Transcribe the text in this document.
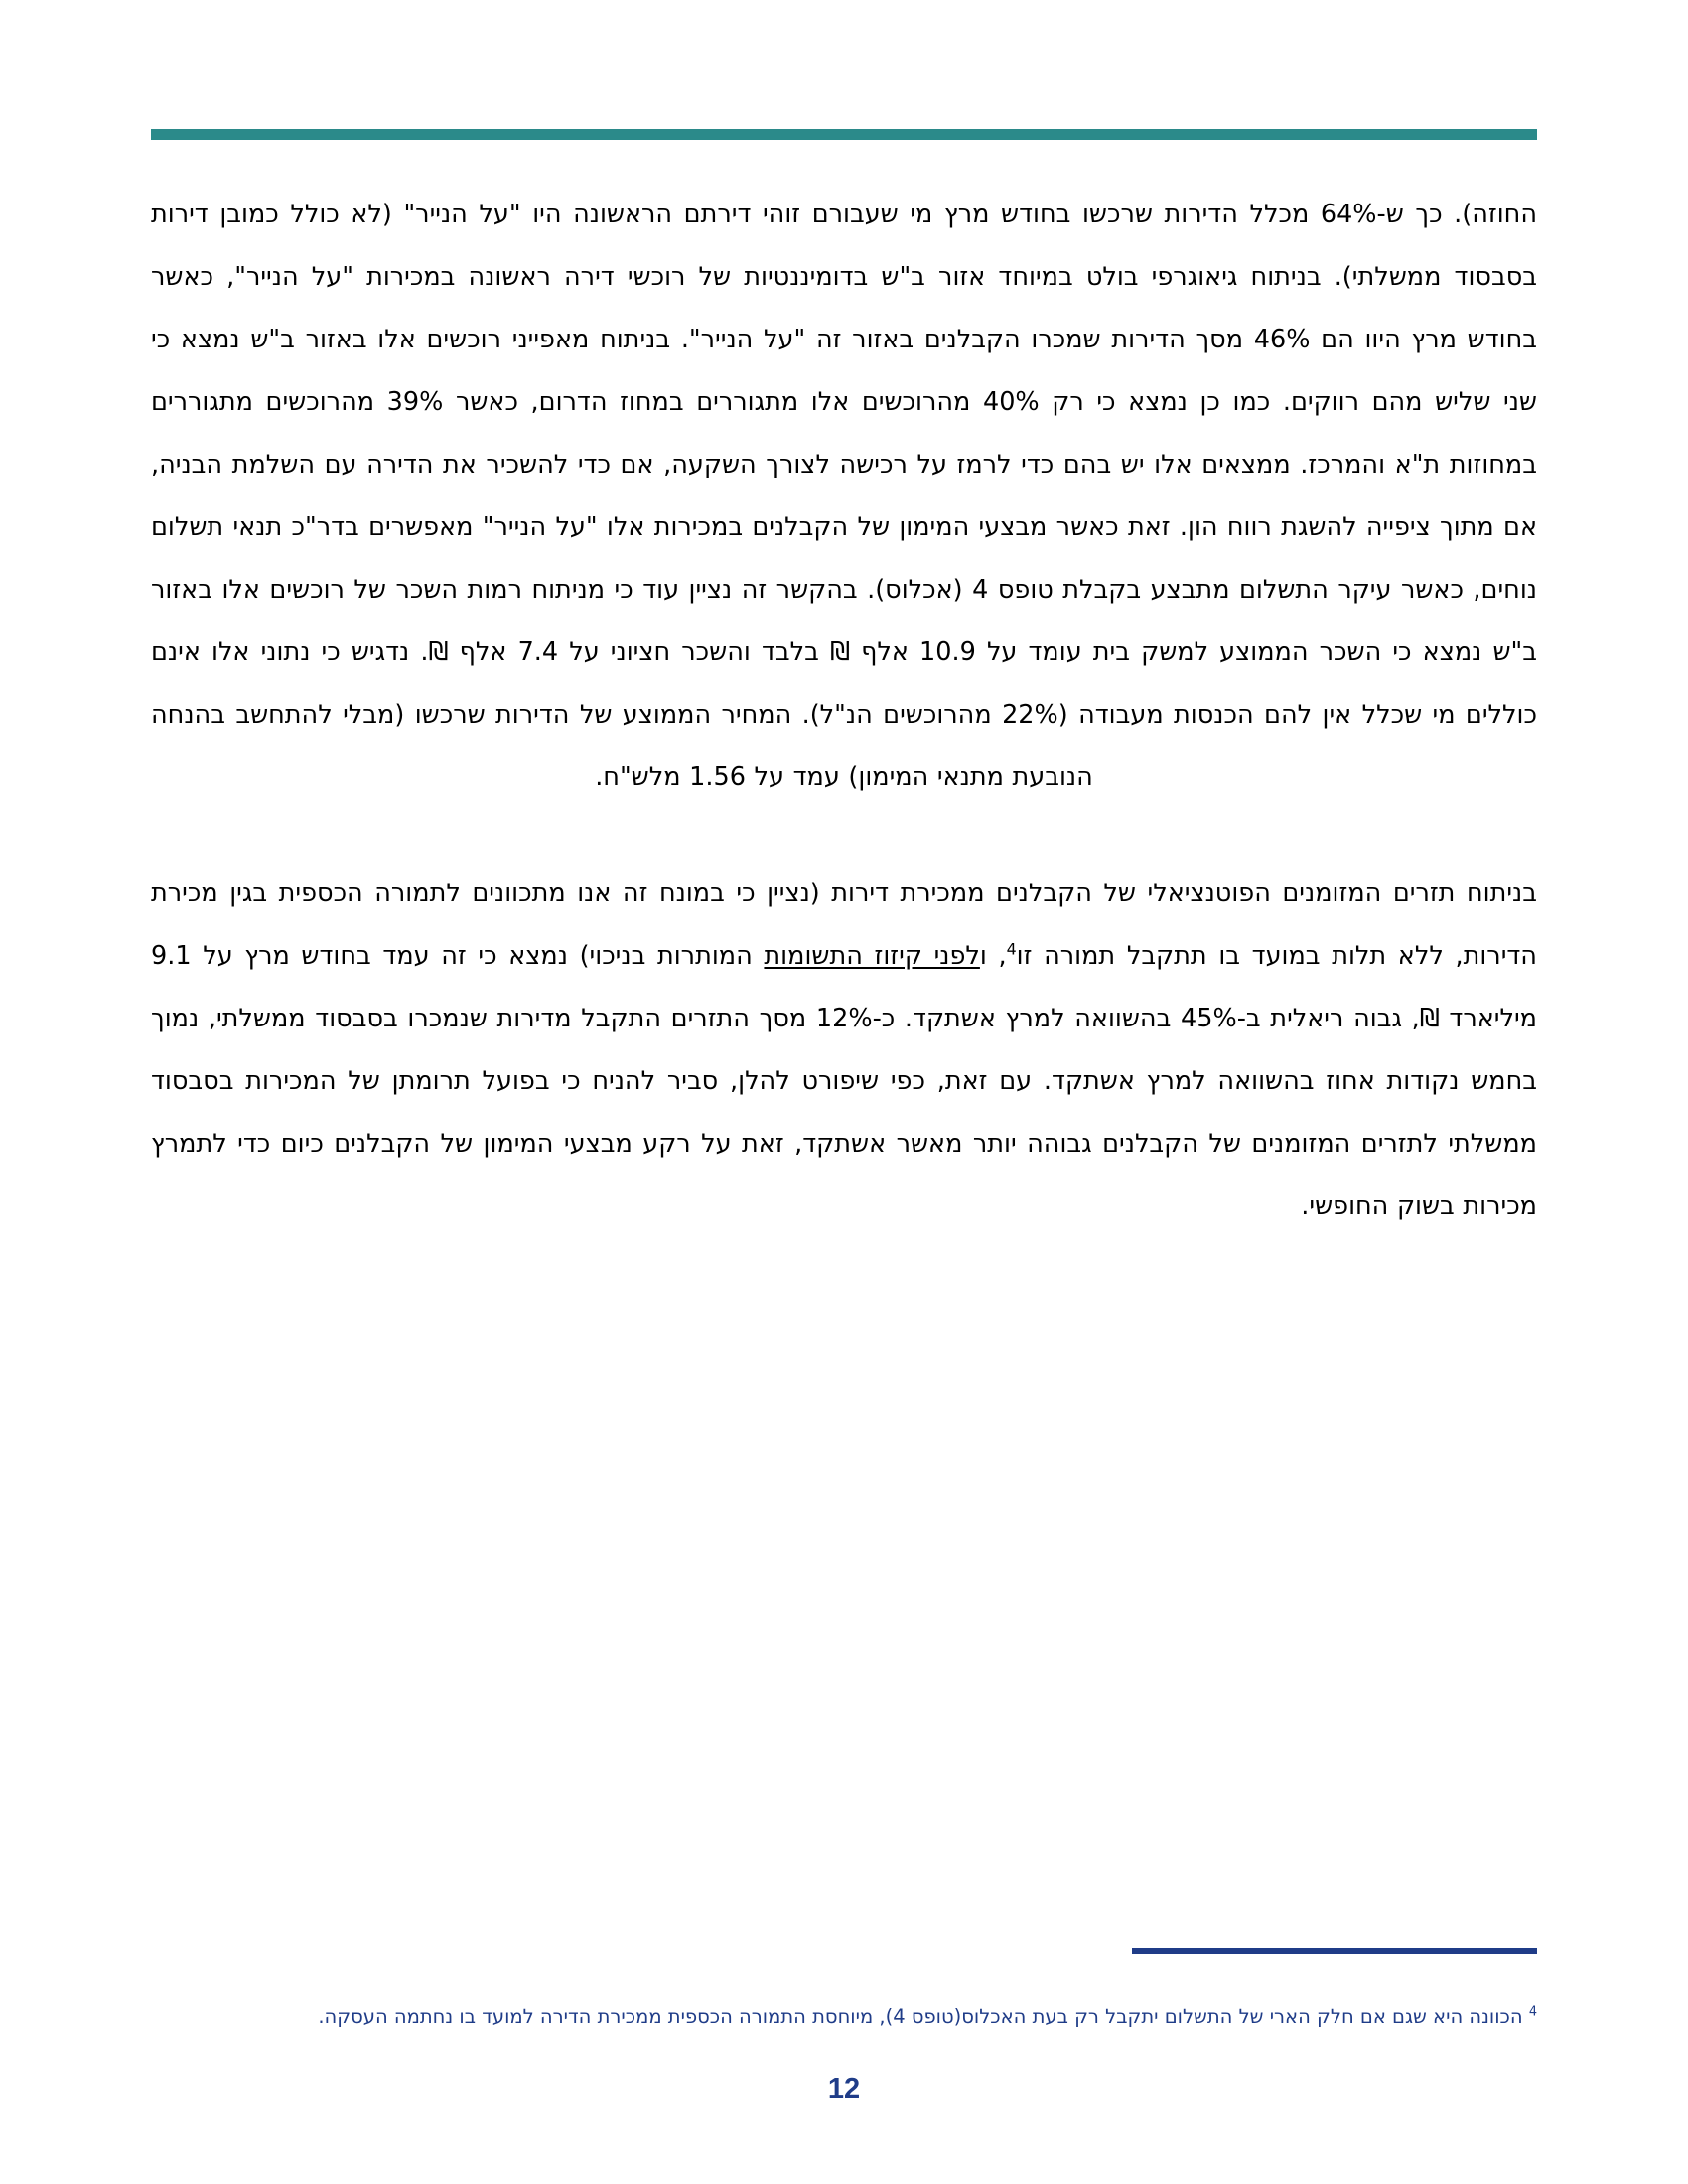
החוזה). כך ש-64% מכלל הדירות שרכשו בחודש מרץ מי שעבורם זוהי דירתם הראשונה היו "על הנייר" (לא כולל כמובן דירות בסבסוד ממשלתי). בניתוח גיאוגרפי בולט במיוחד אזור ב"ש בדומיננטיות של רוכשי דירה ראשונה במכירות "על הנייר", כאשר בחודש מרץ היוו הם 46% מסך הדירות שמכרו הקבלנים באזור זה "על הנייר". בניתוח מאפייני רוכשים אלו באזור ב"ש נמצא כי שני שליש מהם רווקים. כמו כן נמצא כי רק 40% מהרוכשים אלו מתגוררים במחוז הדרום, כאשר 39% מהרוכשים מתגוררים במחוזות ת"א והמרכז. ממצאים אלו יש בהם כדי לרמז על רכישה לצורך השקעה, אם כדי להשכיר את הדירה עם השלמת הבניה, אם מתוך ציפייה להשגת רווח הון. זאת כאשר מבצעי המימון של הקבלנים במכירות אלו "על הנייר" מאפשרים בדר"כ תנאי תשלום נוחים, כאשר עיקר התשלום מתבצע בקבלת טופס 4 (אכלוס). בהקשר זה נציין עוד כי מניתוח רמות השכר של רוכשים אלו באזור ב"ש נמצא כי השכר הממוצע למשק בית עומד על 10.9 אלף ₪ בלבד והשכר חציוני על 7.4 אלף ₪. נדגיש כי נתוני אלו אינם כוללים מי שכלל אין להם הכנסות מעבודה (22% מהרוכשים הנ"ל). המחיר הממוצע של הדירות שרכשו (מבלי להתחשב בהנחה הנובעת מתנאי המימון) עמד על 1.56 מלש"ח.

בניתוח תזרים המזומנים הפוטנציאלי של הקבלנים ממכירת דירות (נציין כי במונח זה אנו מתכוונים לתמורה הכספית בגין מכירת הדירות, ללא תלות במועד בו תתקבל תמורה זו$^4$, ולפני קיזוז התשומות המותרות בניכוי) נמצא כי זה עמד בחודש מרץ על 9.1 מיליארד ₪, גבוה ריאלית ב-45% בהשוואה למרץ אשתקד. כ-12% מסך התזרים התקבל מדירות שנמכרו בסבסוד ממשלתי, נמוך בחמש נקודות אחוז בהשוואה למרץ אשתקד. עם זאת, כפי שיפורט להלן, סביר להניח כי בפועל תרומתן של המכירות בסבסוד ממשלתי לתזרים המזומנים של הקבלנים גבוהה יותר מאשר אשתקד, זאת על רקע מבצעי המימון של הקבלנים כיום כדי לתמרץ מכירות בשוק החופשי.

$^4$ הכוונה היא שגם אם חלק הארי של התשלום יתקבל רק בעת האכלוס(טופס 4), מיוחסת התמורה הכספית ממכירת הדירה למועד בו נחתמה העסקה.

12
